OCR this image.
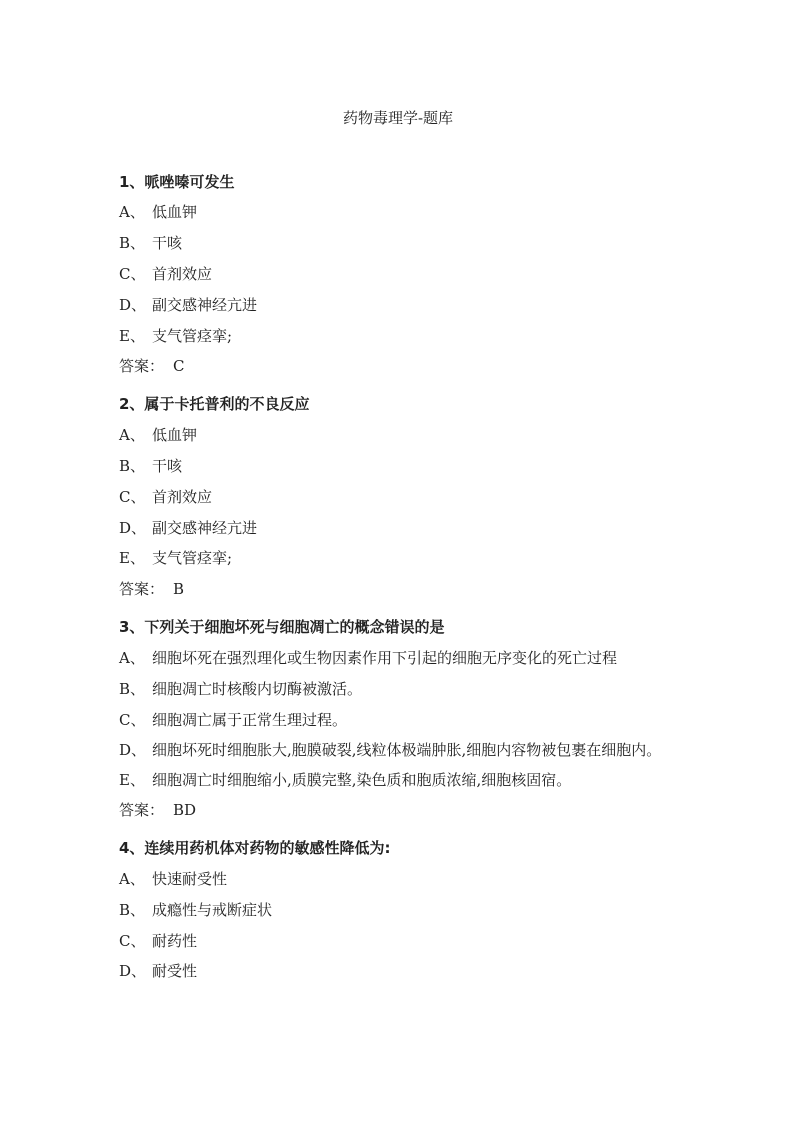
药物毒理学-题库
1、哌唑嗪可发生
A、 低血钾
B、 干咳
C、 首剂效应
D、 副交感神经亢进
E、 支气管痉挛;
答案： C
2、属于卡托普利的不良反应
A、 低血钾
B、 干咳
C、 首剂效应
D、 副交感神经亢进
E、 支气管痉挛;
答案： B
3、下列关于细胞坏死与细胞凋亡的概念错误的是
A、 细胞坏死在强烈理化或生物因素作用下引起的细胞无序变化的死亡过程
B、 细胞凋亡时核酸内切酶被激活。
C、 细胞凋亡属于正常生理过程。
D、 细胞坏死时细胞胀大,胞膜破裂,线粒体极端肿胀,细胞内容物被包裹在细胞内。
E、 细胞凋亡时细胞缩小,质膜完整,染色质和胞质浓缩,细胞核固宿。
答案： BD
4、连续用药机体对药物的敏感性降低为:
A、 快速耐受性
B、 成瘾性与戒断症状
C、 耐药性
D、 耐受性
